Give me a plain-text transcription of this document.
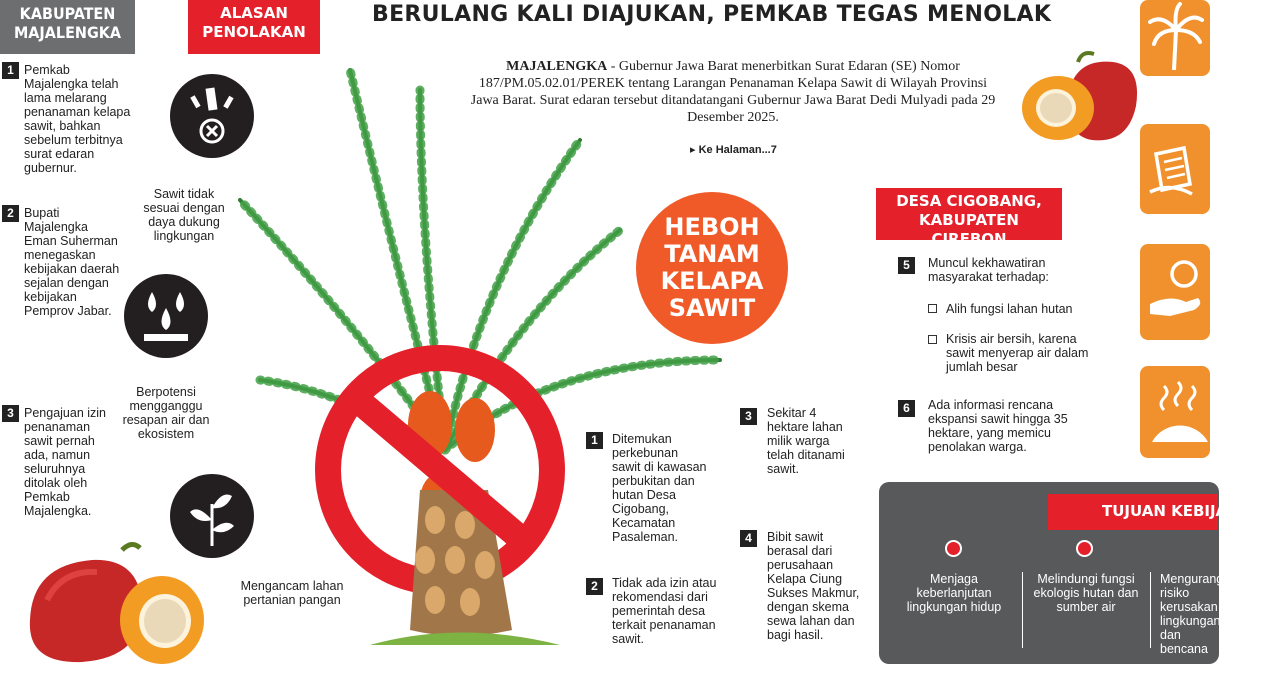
BERULANG KALI DIAJUKAN, PEMKAB TEGAS MENOLAK
MAJALENGKA - Gubernur Jawa Barat menerbitkan Surat Edaran (SE) Nomor 187/PM.05.02.01/PEREK tentang Larangan Penanaman Kelapa Sawit di Wilayah Provinsi Jawa Barat. Surat edaran tersebut ditandatangani Gubernur Jawa Barat Dedi Mulyadi pada 29 Desember 2025.
▸ Ke Halaman...7
KABUPATEN
MAJALENGKA
1 Pemkab Majalengka telah lama melarang penanaman kelapa sawit, bahkan sebelum terbitnya surat edaran gubernur.
2 Bupati Majalengka Eman Suherman menegaskan kebijakan daerah sejalan dengan kebijakan Pemprov Jabar.
3 Pengajuan izin penanaman sawit pernah ada, namun seluruhnya ditolak oleh Pemkab Majalengka.
ALASAN
PENOLAKAN
Sawit tidak sesuai dengan daya dukung lingkungan
Berpotensi mengganggu resapan air dan ekosistem
Mengancam lahan pertanian pangan
HEBOH
TANAM
KELAPA
SAWIT
1	Ditemukan perkebunan sawit di kawasan perbukitan dan hutan Desa Cigobang, Kecamatan Pasaleman.
2	Tidak ada izin atau rekomendasi dari pemerintah desa terkait penanaman sawit.
3	Sekitar 4 hektare lahan milik warga telah ditanami sawit.
4	Bibit sawit berasal dari perusahaan Kelapa Ciung Sukses Makmur, dengan skema sewa lahan dan bagi hasil.
DESA CIGOBANG,
KABUPATEN CIREBON
5	Muncul kekhawatiran masyarakat terhadap:
Alih fungsi lahan hutan
Krisis air bersih, karena sawit menyerap air dalam jumlah besar
6	Ada informasi rencana ekspansi sawit hingga 35 hektare, yang memicu penolakan warga.
TUJUAN KEBIJAKAN
Menjaga keberlanjutan lingkungan hidup
Melindungi fungsi ekologis hutan dan sumber air
Mengurangi risiko kerusakan lingkungan dan bencana
